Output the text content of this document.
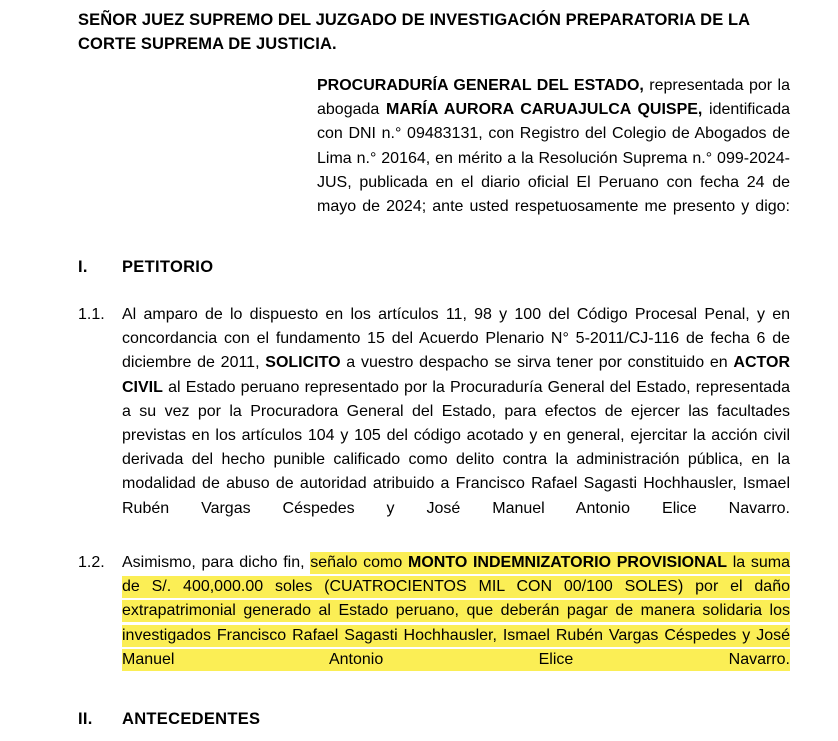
SEÑOR JUEZ SUPREMO DEL JUZGADO DE INVESTIGACIÓN PREPARATORIA DE LA CORTE SUPREMA DE JUSTICIA.
PROCURADURÍA GENERAL DEL ESTADO, representada por la abogada MARÍA AURORA CARUAJULCA QUISPE, identificada con DNI n.° 09483131, con Registro del Colegio de Abogados de Lima n.° 20164, en mérito a la Resolución Suprema n.° 099-2024-JUS, publicada en el diario oficial El Peruano con fecha 24 de mayo de 2024; ante usted respetuosamente me presento y digo:
I. PETITORIO
1.1.	Al amparo de lo dispuesto en los artículos 11, 98 y 100 del Código Procesal Penal, y en concordancia con el fundamento 15 del Acuerdo Plenario N° 5-2011/CJ-116 de fecha 6 de diciembre de 2011, SOLICITO a vuestro despacho se sirva tener por constituido en ACTOR CIVIL al Estado peruano representado por la Procuraduría General del Estado, representada a su vez por la Procuradora General del Estado, para efectos de ejercer las facultades previstas en los artículos 104 y 105 del código acotado y en general, ejercitar la acción civil derivada del hecho punible calificado como delito contra la administración pública, en la modalidad de abuso de autoridad atribuido a Francisco Rafael Sagasti Hochhausler, Ismael Rubén Vargas Céspedes y José Manuel Antonio Elice Navarro.
1.2.	Asimismo, para dicho fin, señalo como MONTO INDEMNIZATORIO PROVISIONAL la suma de S/. 400,000.00 soles (CUATROCIENTOS MIL CON 00/100 SOLES) por el daño extrapatrimonial generado al Estado peruano, que deberán pagar de manera solidaria los investigados Francisco Rafael Sagasti Hochhausler, Ismael Rubén Vargas Céspedes y José Manuel Antonio Elice Navarro.
II. ANTECEDENTES
